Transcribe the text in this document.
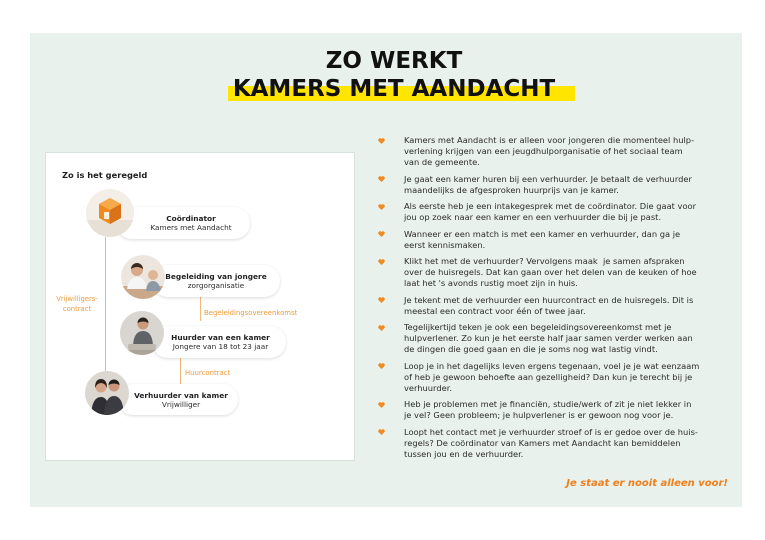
ZO WERKT
KAMERS MET AANDACHT
Zo is het geregeld
Vrijwilligers-
contract
Begeleidingsovereenkomst
Huurcontract
Coördinator
Kamers met Aandacht
Begeleiding van jongere
zorgorganisatie
Huurder van een kamer
Jongere van 18 tot 23 jaar
Verhuurder van kamer
Vrijwilliger
Kamers met Aandacht is er alleen voor jongeren die momenteel hulp-
verlening krijgen van een jeugdhulporganisatie of het sociaal team
van de gemeente.
Je gaat een kamer huren bij een verhuurder. Je betaalt de verhuurder
maandelijks de afgesproken huurprijs van je kamer.
Als eerste heb je een intakegesprek met de coördinator. Die gaat voor
jou op zoek naar een kamer en een verhuurder die bij je past.
Wanneer er een match is met een kamer en verhuurder, dan ga je
eerst kennismaken.
Klikt het met de verhuurder? Vervolgens maak  je samen afspraken
over de huisregels. Dat kan gaan over het delen van de keuken of hoe
laat het 's avonds rustig moet zijn in huis.
Je tekent met de verhuurder een huurcontract en de huisregels. Dit is
meestal een contract voor één of twee jaar.
Tegelijkertijd teken je ook een begeleidingsovereenkomst met je
hulpverlener. Zo kun je het eerste half jaar samen verder werken aan
de dingen die goed gaan en die je soms nog wat lastig vindt.
Loop je in het dagelijks leven ergens tegenaan, voel je je wat eenzaam
of heb je gewoon behoefte aan gezelligheid? Dan kun je terecht bij je
verhuurder.
Heb je problemen met je financiën, studie/werk of zit je niet lekker in
je vel? Geen probleem; je hulpverlener is er gewoon nog voor je.
Loopt het contact met je verhuurder stroef of is er gedoe over de huis-
regels? De coördinator van Kamers met Aandacht kan bemiddelen
tussen jou en de verhuurder.
Je staat er nooit alleen voor!
